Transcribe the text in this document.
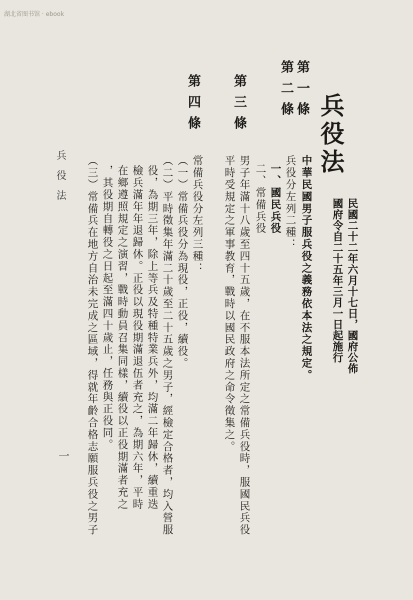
湖北省图书馆 · ebook
兵役法
民國二十二年六月十七日，國府公佈
國府令自二十五年三月一日起施行
第一條
中華民國男子服兵役之義務依本法之規定。
第二條
兵役分左列二種：
一、國民兵役
二、常備兵役
第三條
男子年滿十八歲至四十五歲，在不服本法所定之常備兵役時，服國民兵役
平時受規定之軍事教育，戰時以國民政府之命令徵集之。
第四條
常備兵役分左列三種：
（一）常備兵役分為現役，正役，續役。
（二）平時徵集年滿二十歲至二十五歲之男子，經檢定合格者，均入營服
役，為期三年，除上等兵及特種特業兵外，均滿二年歸休，續重迭
檢兵滿年年退歸休。正役以現役期滿退伍者充之，為期六年，平時
在鄉遵照規定之演習，戰時動員召集同樣，續役以正役期滿者充之
，其役期自轉役之日起至滿四十歲止，任務與正役同。
（三）常備兵在地方自治未完成之區域，得就年齡合格志願服兵役之男子
兵役法
一
